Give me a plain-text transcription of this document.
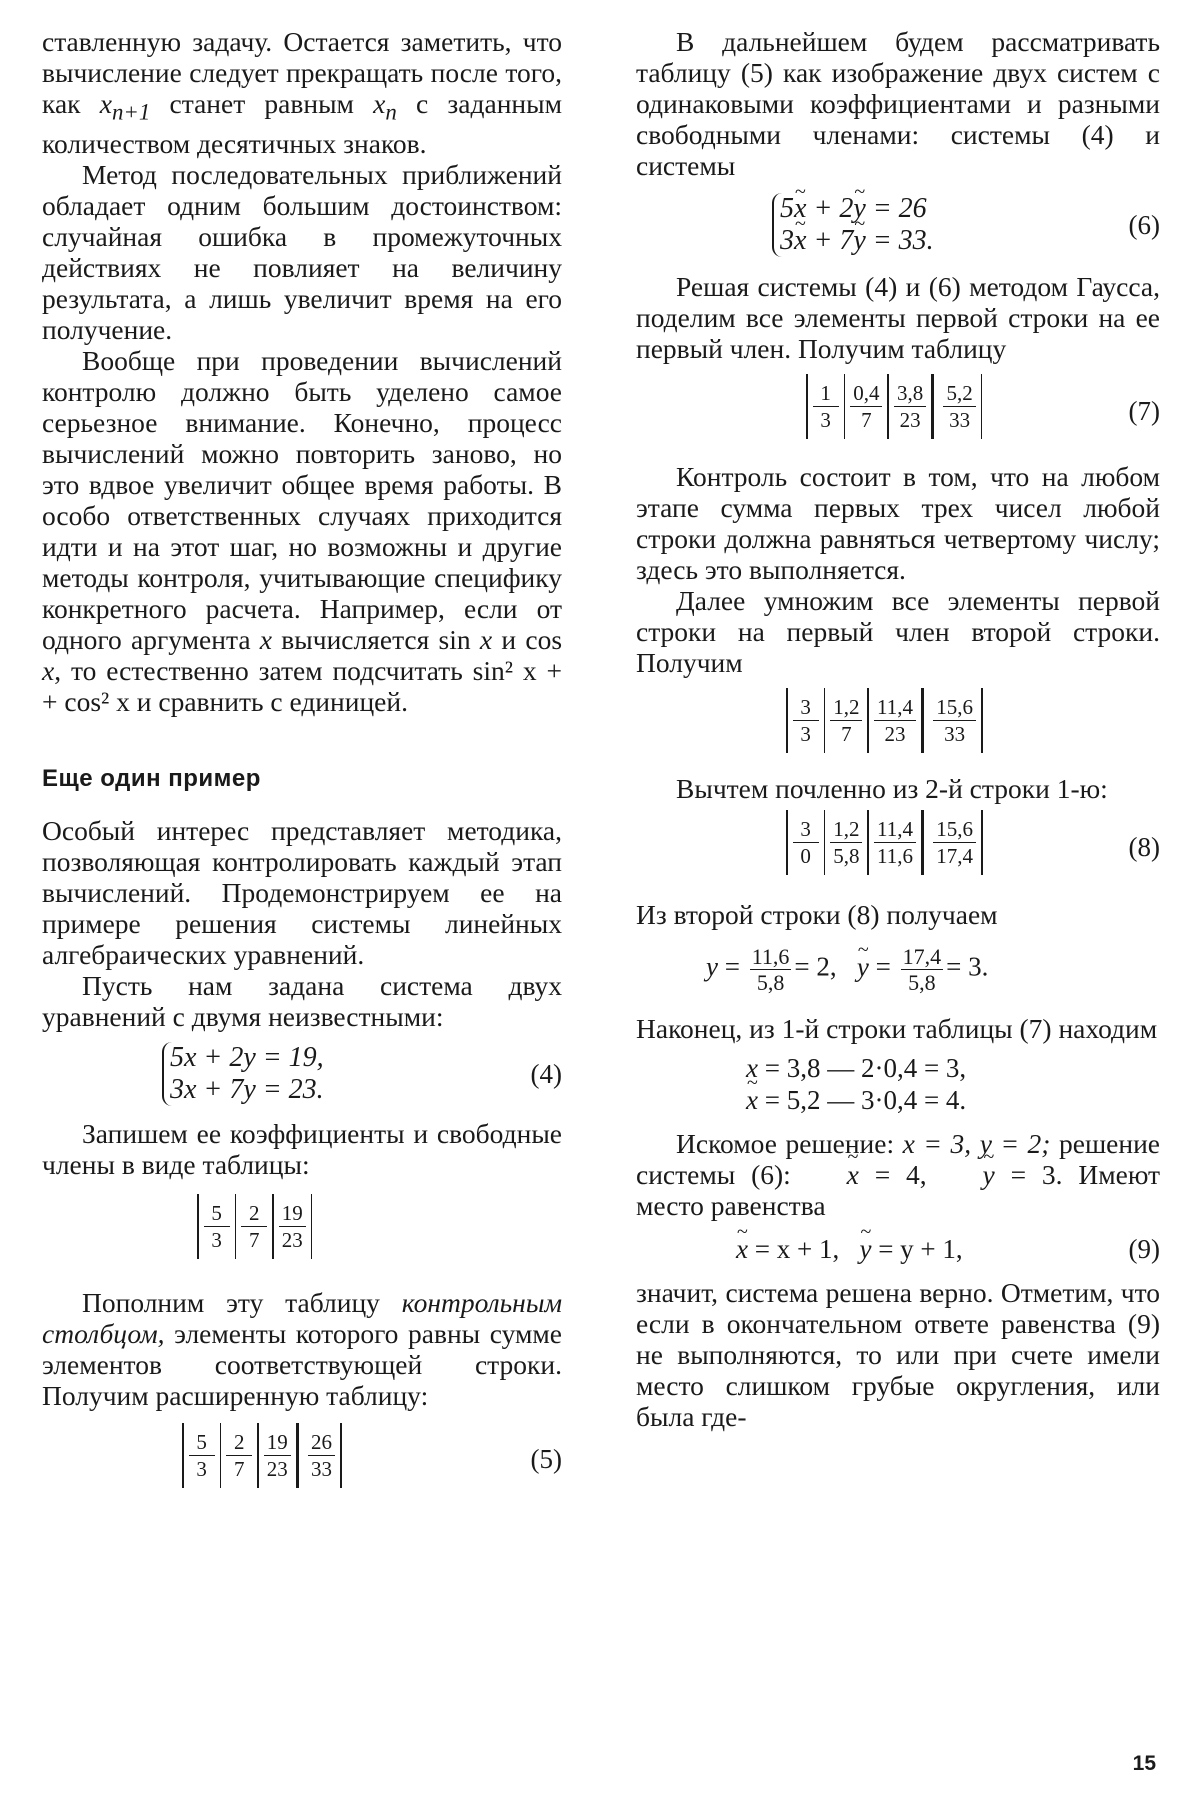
ставленную задачу. Остается заметить, что вычисление следует прекращать после того, как $x_{n+1}$ станет равным $x_n$ с заданным количеством десятичных знаков.

Метод последовательных приближений обладает одним большим достоинством: случайная ошибка в промежуточных действиях не повлияет на величину результата, а лишь увеличит время на его получение.

Вообще при проведении вычислений контролю должно быть уделено самое серьезное внимание. Конечно, процесс вычислений можно повторить заново, но это вдвое увеличит общее время работы. В особо ответственных случаях приходится идти и на этот шаг, но возможны и другие методы контроля, учитывающие специфику конкретного расчета. Например, если от одного аргумента x вычисляется sin x и cos x, то естественно затем подсчитать sin² x + + cos² x и сравнить с единицей.

Еще один пример

Особый интерес представляет методика, позволяющая контролировать каждый этап вычислений. Продемонстрируем ее на примере решения системы линейных алгебраических уравнений.

Пусть нам задана система двух уравнений с двумя неизвестными:

5x + 2y = 19,
3x + 7y = 23.	(4)

Запишем ее коэффициенты и свободные члены в виде таблицы:

$\frac{5}{3} \frac{2}{7} \frac{19}{23}$

Пополним эту таблицу контрольным столбцом, элементы которого равны сумме элементов соответствующей строки. Получим расширенную таблицу:

$\frac{5}{3} \frac{2}{7} \frac{19}{23} \frac{26}{33}$	(5)

В дальнейшем будем рассматривать таблицу (5) как изображение двух систем с одинаковыми коэффициентами и разными свободными членами: системы (4) и системы

5~ x + 2~ y = 26
3~ x + 7~ y = 33.	(6)

Решая системы (4) и (6) методом Гаусса, поделим все элементы первой строки на ее первый член. Получим таблицу

$\frac{1}{3} \frac{0,4}{7} \frac{3,8}{23} \frac{5,2}{33}$	(7)

Контроль состоит в том, что на любом этапе сумма первых трех чисел любой строки должна равняться четвертому числу; здесь это выполняется.

Далее умножим все элементы первой строки на первый член второй строки. Получим

$\frac{3}{3} \frac{1,2}{7} \frac{11,4}{23} \frac{15,6}{33}$

Вычтем почленно из 2-й строки 1-ю:

$\frac{3}{0} \frac{1,2}{5,8} \frac{11,4}{11,6} \frac{15,6}{17,4}$	(8)

Из второй строки (8) получаем

$y = \frac{11,6}{5,8} = 2$, ~ $y = \frac{17,4}{5,8} = 3$.

Наконец, из 1-й строки таблицы (7) находим

x = 3,8 — 2·0,4 = 3,
~ x = 5,2 — 3·0,4 = 4.

Искомое решение: x = 3, y = 2; решение системы (6): ~ x = 4, ~ y = 3. Имеют место равенства

~ x = x + 1, ~ y = y + 1,	(9)

значит, система решена верно. Отметим, что если в окончательном ответе равенства (9) не выполняются, то или при счете имели место слишком грубые округления, или была где-

15
